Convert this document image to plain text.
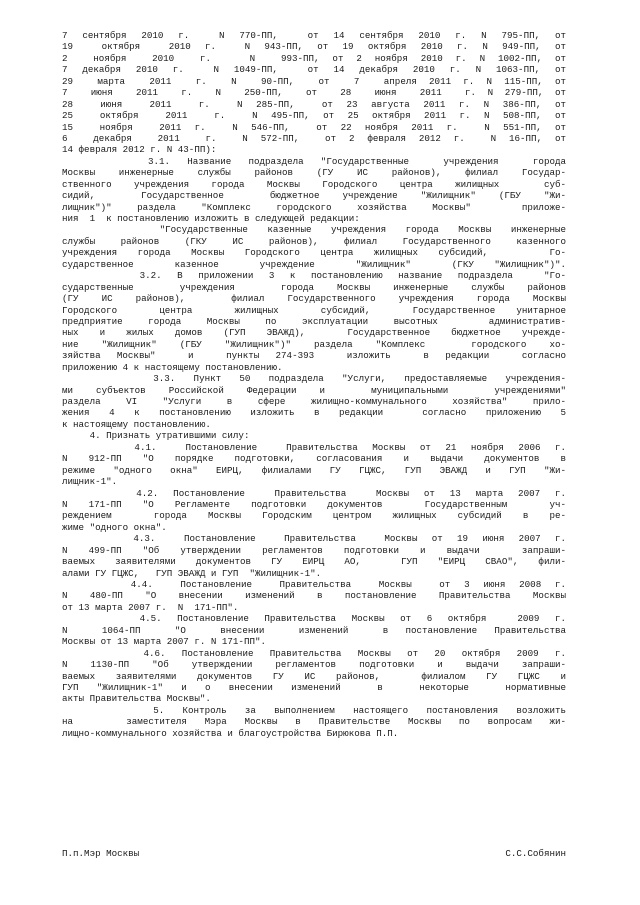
7 сентября 2010 г.  N 770-ПП,  от 14 сентября 2010 г. N 795-ПП, от
19  октября  2010 г.  N 943-ПП, от 19 октября 2010 г. N 949-ПП, от
2  ноября  2010  г.   N  993-ПП, от 2 ноября 2010 г. N 1002-ПП, от
7 декабря 2010 г.  N 1049-ПП,  от 14 декабря 2010 г. N 1063-ПП, от
29  марта  2011  г.  N  90-ПП,  от  7  апреля 2011 г. N 115-ПП, от
7  июня  2011  г.  N  250-ПП,  от  28  июня  2011  г. N 279-ПП, от
28  июня  2011  г.  N 285-ПП,  от 23 августа 2011 г. N 386-ПП, от
25  октября  2011  г.  N 495-ПП, от 25 октября 2011 г. N 508-ПП, от
15  ноября  2011 г.  N 546-ПП,  от 22 ноября 2011 г.  N 551-ПП, от
6  декабря  2011  г.  N 572-ПП,  от 2 февраля 2012 г.  N 16-ПП, от
14 февраля 2012 г. N 43-ПП):
3.1. Название подраздела "Государственные  учреждения  города
Москвы инженерные службы районов (ГУ ИС районов), филиал Государ-
ственного учреждения города Москвы Городского центра жилищных  суб-
сидий,  Государственное  бюджетное учреждение "Жилищник" (ГБУ "Жи-
лищник")" раздела "Комплекс городского хозяйства Москвы"  приложе-
ния  1  к постановлению изложить в следующей редакции:
"Государственные казенные учреждения города Москвы инженерные
службы районов (ГКУ ИС районов), филиал Государственного казенного
учреждения города Москвы Городского центра жилищных субсидий,   Го-
сударственное  казенное  учреждение  "Жилищник"  (ГКУ "Жилищник")".
3.2. В приложении 3 к постановлению название подраздела  "Го-
сударственные  учреждения  города Москвы инженерные службы районов
(ГУ ИС районов),  филиал Государственного учреждения города Москвы
Городского  центра  жилищных  субсидий,  Государственное унитарное
предприятие города Москвы по эксплуатации высотных  административ-
ных и жилых домов (ГУП ЭВАЖД),  Государственное бюджетное учрежде-
ние "Жилищник" (ГБУ "Жилищник")" раздела "Комплекс  городского хо-
зяйства Москвы"  и  пункты 274-393  изложить  в редакции  согласно
приложению 4 к настоящему постановлению.
3.3. Пункт 50 подраздела "Услуги, предоставляемые учреждения-
ми субъектов Российской Федерации и  муниципальными  учреждениями"
раздела VI "Услуги в сфере жилищно-коммунального хозяйства" прило-
жения 4 к постановлению изложить в редакции  согласно приложению 5
к настоящему постановлению.
4. Признать утратившими силу:
4.1.  Постановление  Правительства Москвы от 21 ноября 2006 г.
N 912-ПП "О порядке подготовки, согласования и выдачи документов в
режиме "одного окна" ЕИРЦ, филиалами ГУ ГЦЖС, ГУП ЭВАЖД и ГУП "Жи-
лищник-1".
4.2. Постановление  Правительства  Москвы от 13 марта 2007 г.
N 171-ПП "О Регламенте подготовки документов  Государственным  уч-
реждением  города Москвы Городским центром жилищных субсидий в ре-
жиме "одного окна".
4.3.  Постановление  Правительства  Москвы от 19 июня 2007 г.
N 499-ПП "Об утверждении регламентов подготовки и выдачи  запраши-
ваемых заявителями документов ГУ ЕИРЦ АО,  ГУП "ЕИРЦ СВАО", фили-
алами ГУ ГЦЖС,   ГУП ЭВАЖД и ГУП  "Жилищник-1".
4.4.  Постановление  Правительства  Москвы  от 3 июня 2008 г.
N 480-ПП "О внесении изменений в постановление Правительства Москвы
от 13 марта 2007 г.  N  171-ПП".
4.5. Постановление Правительства Москвы от 6 октября  2009 г.
N  1064-ПП  "О  внесении  изменений  в постановление Правительства
Москвы от 13 марта 2007 г. N 171-ПП".
4.6. Постановление Правительства Москвы от 20 октября 2009 г.
N 1130-ПП "Об утверждении регламентов подготовки и выдачи запраши-
ваемых заявителями документов ГУ ИС районов,  филиалом ГУ ГЦЖС и
ГУП "Жилищник-1" и о внесении изменений  в  некоторые  нормативные
акты Правительства Москвы".
5. Контроль за выполнением настоящего постановления возложить
на   заместителя Мэра Москвы в Правительстве Москвы по вопросам жи-
лищно-коммунального хозяйства и благоустройства Бирюкова П.П.
П.п.Мэр Москвы	С.С.Собянин
